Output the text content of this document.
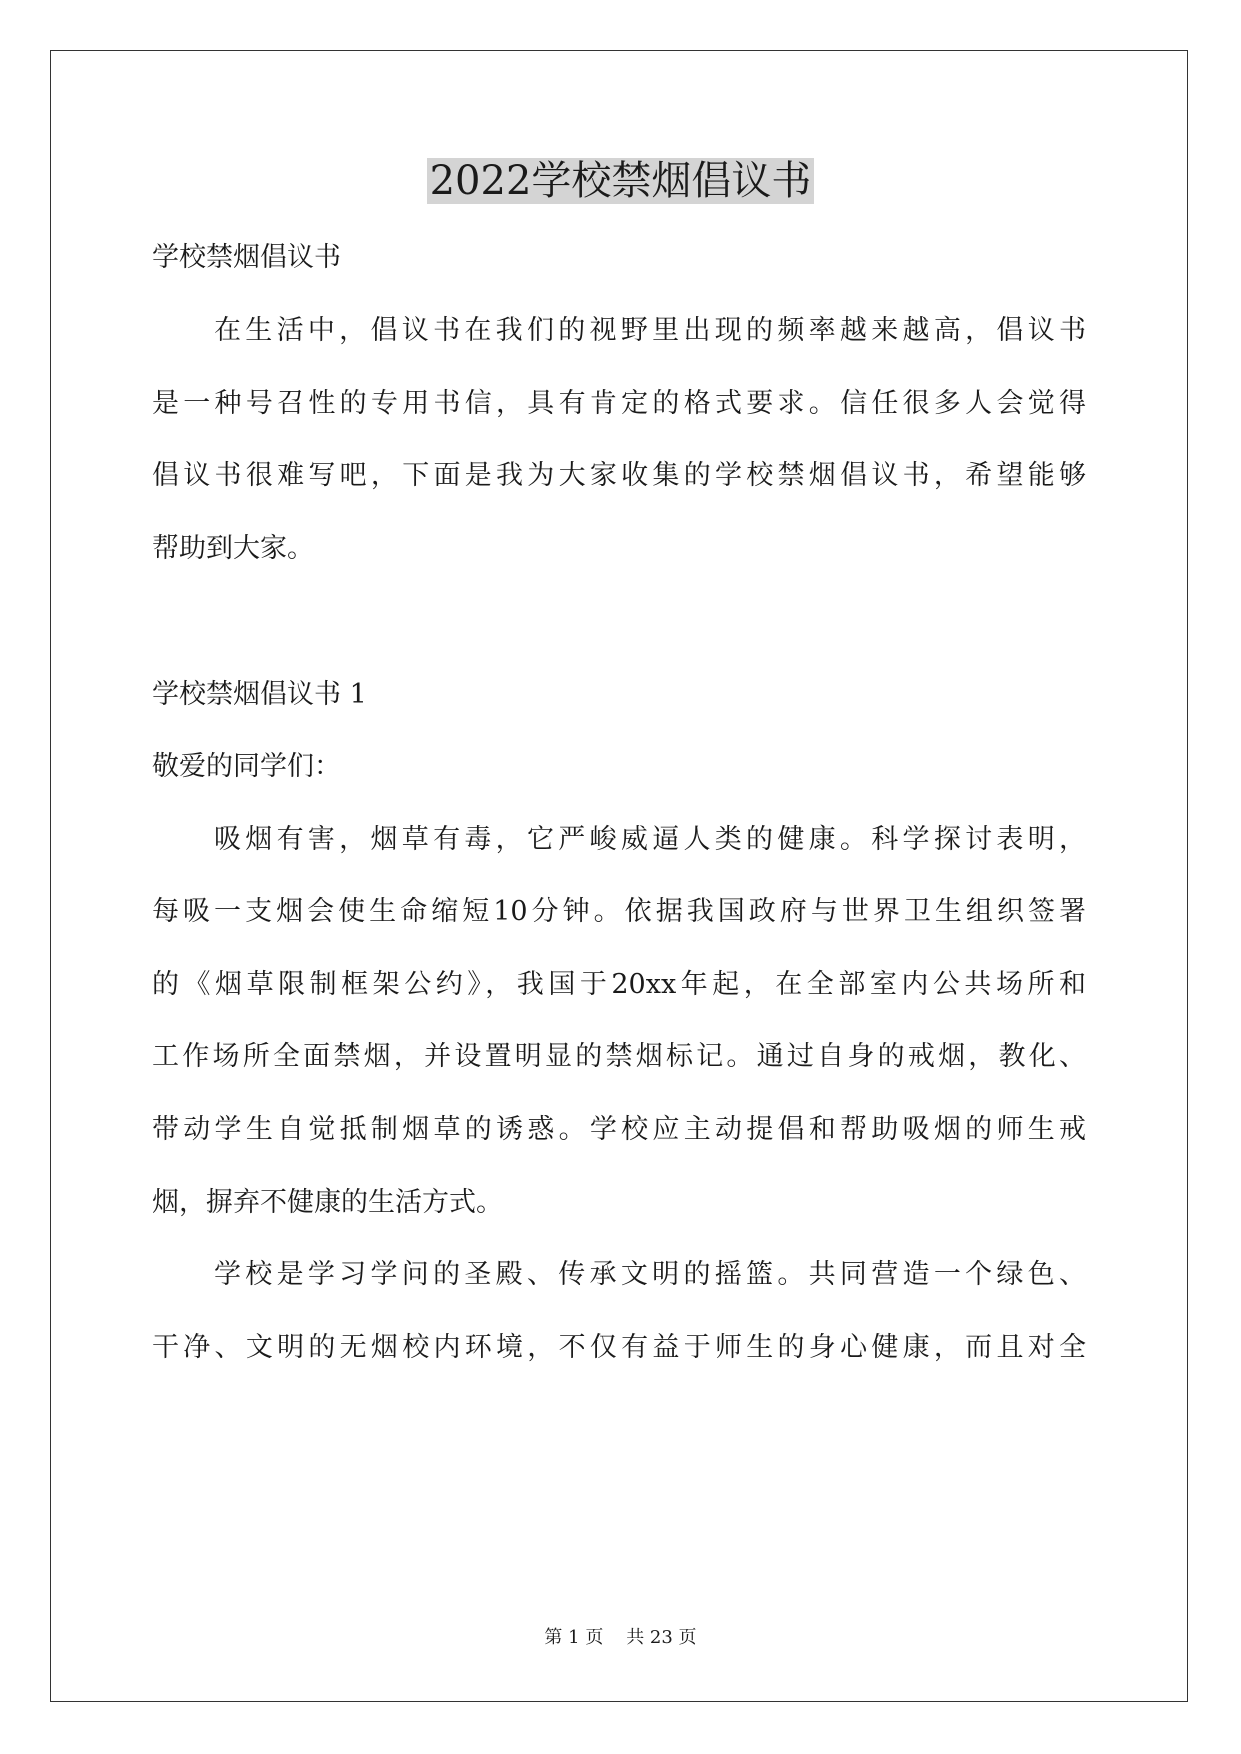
2022学校禁烟倡议书
学校禁烟倡议书
在生活中，倡议书在我们的视野里出现的频率越来越高，倡议书
是一种号召性的专用书信，具有肯定的格式要求。信任很多人会觉得
倡议书很难写吧，下面是我为大家收集的学校禁烟倡议书，希望能够
帮助到大家。
学校禁烟倡议书 1
敬爱的同学们：
吸烟有害，烟草有毒，它严峻威逼人类的健康。科学探讨表明，
每吸一支烟会使生命缩短10分钟。依据我国政府与世界卫生组织签署
的《烟草限制框架公约》，我国于20xx年起，在全部室内公共场所和
工作场所全面禁烟，并设置明显的禁烟标记。通过自身的戒烟，教化、
带动学生自觉抵制烟草的诱惑。学校应主动提倡和帮助吸烟的师生戒
烟，摒弃不健康的生活方式。
学校是学习学问的圣殿、传承文明的摇篮。共同营造一个绿色、
干净、文明的无烟校内环境，不仅有益于师生的身心健康，而且对全
第 1 页    共 23 页
